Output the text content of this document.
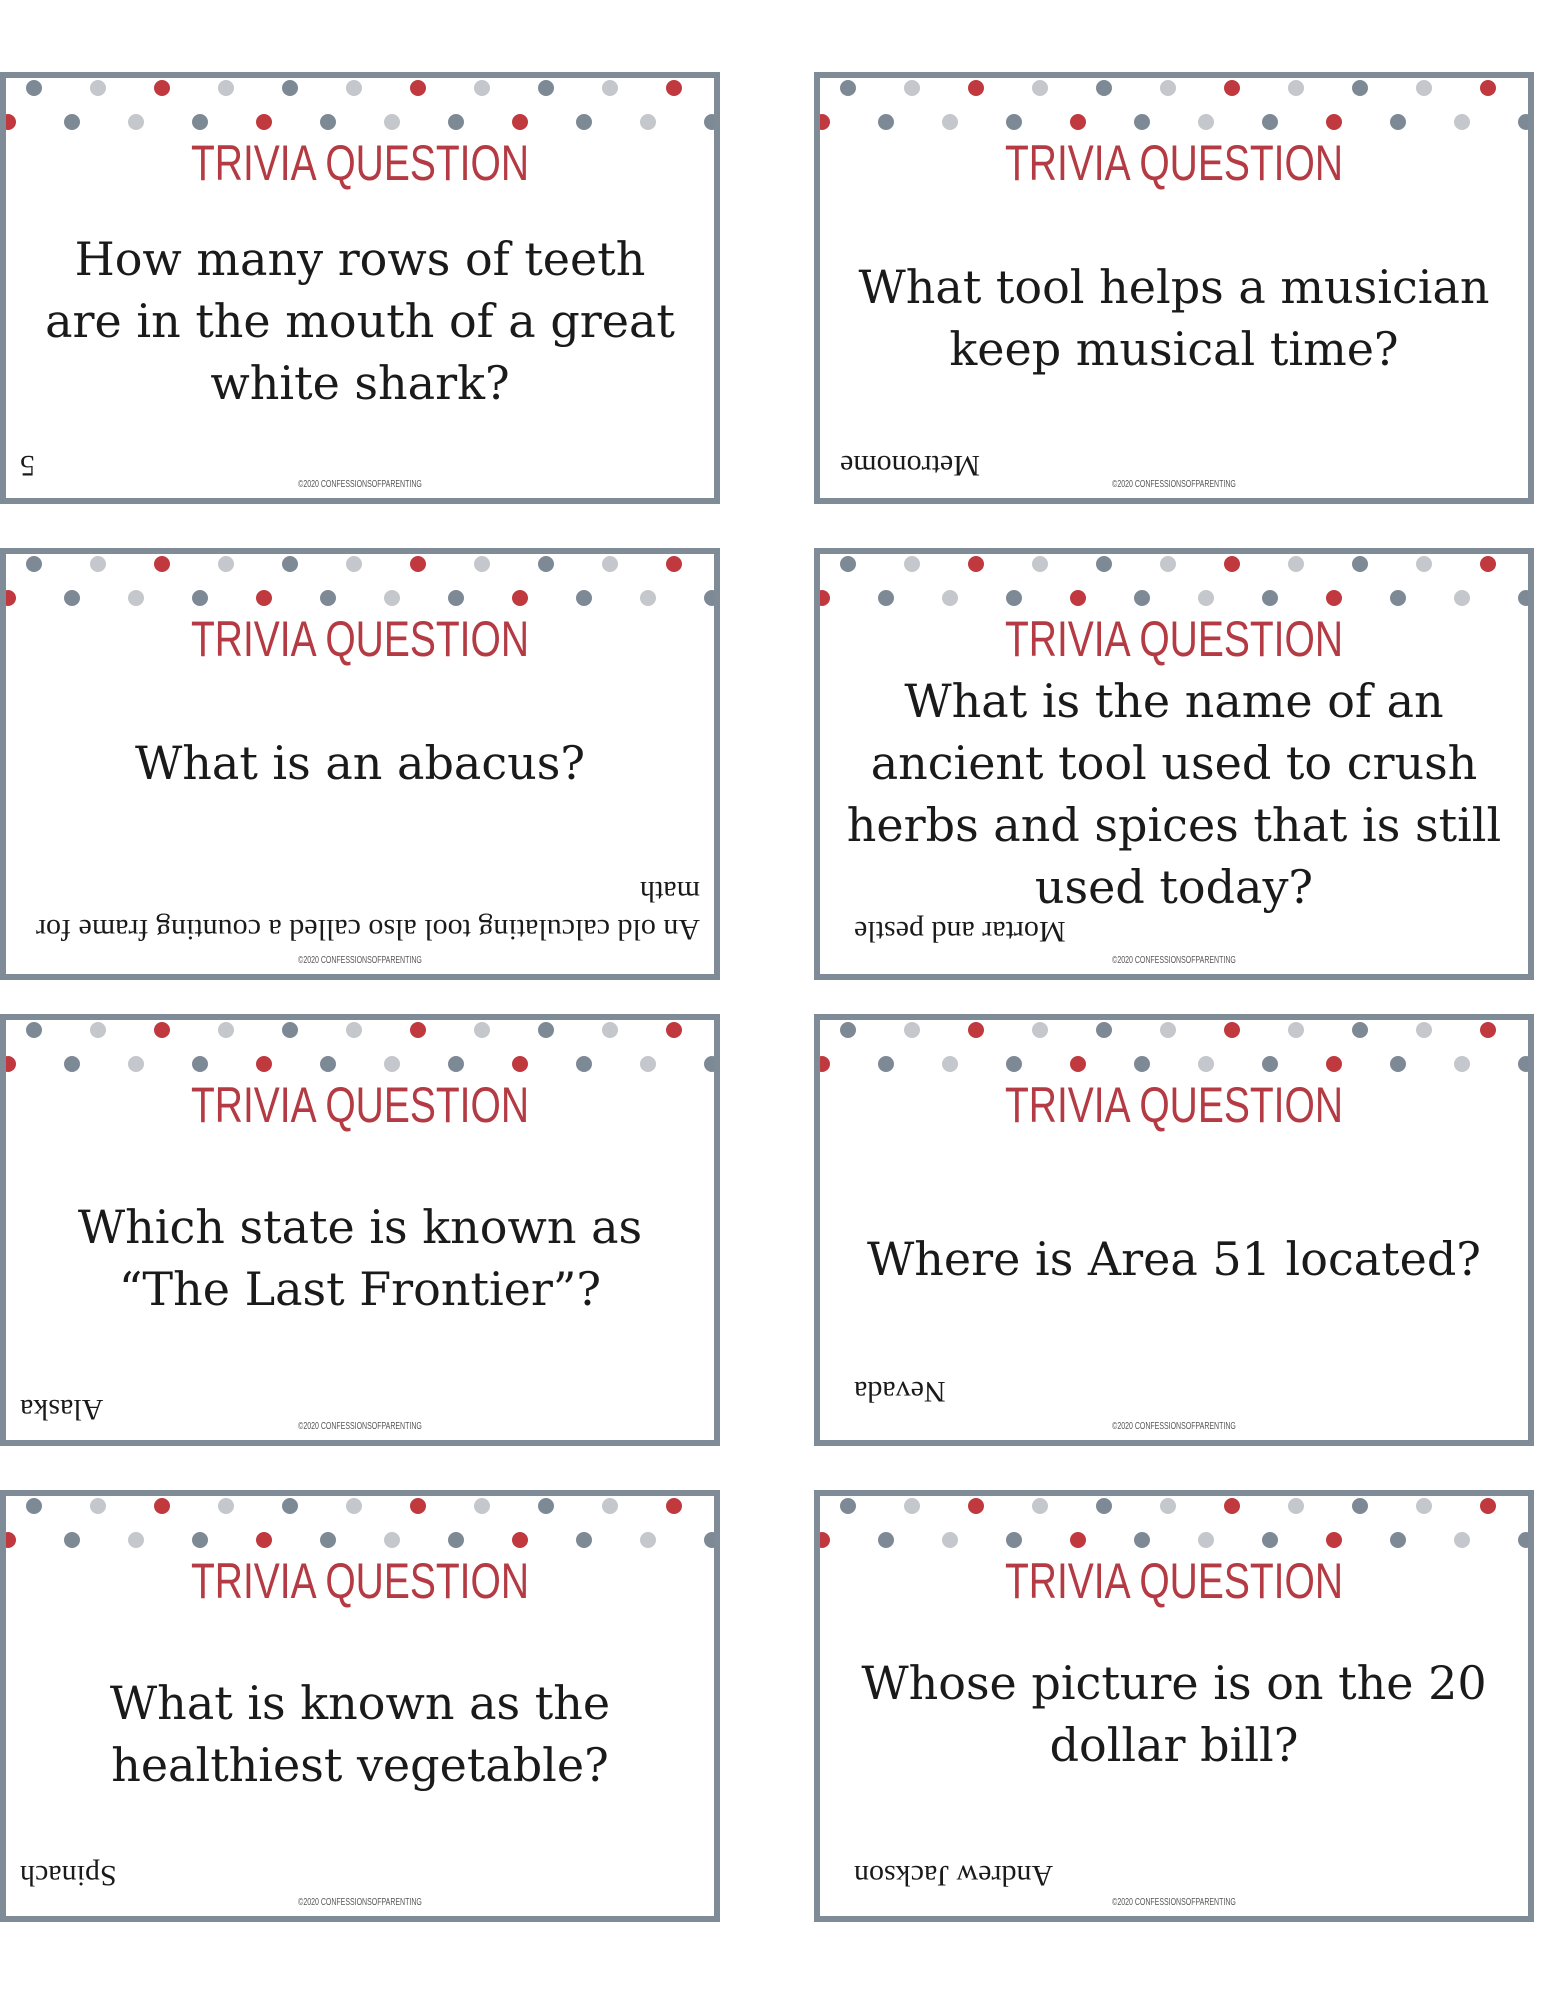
TRIVIA QUESTION
How many rows of teeth are in the mouth of a great white shark?
5
©2020 CONFESSIONSOFPARENTING
TRIVIA QUESTION
What tool helps a musician keep musical time?
Metronome
©2020 CONFESSIONSOFPARENTING
TRIVIA QUESTION
What is an abacus?
An old calculating tool also called a counting frame for math
©2020 CONFESSIONSOFPARENTING
TRIVIA QUESTION
What is the name of an ancient tool used to crush herbs and spices that is still used today?
Mortar and pestle
©2020 CONFESSIONSOFPARENTING
TRIVIA QUESTION
Which state is known as “The Last Frontier”?
Alaska
©2020 CONFESSIONSOFPARENTING
TRIVIA QUESTION
Where is Area 51 located?
Nevada
©2020 CONFESSIONSOFPARENTING
TRIVIA QUESTION
What is known as the healthiest vegetable?
Spinach
©2020 CONFESSIONSOFPARENTING
TRIVIA QUESTION
Whose picture is on the 20 dollar bill?
Andrew Jackson
©2020 CONFESSIONSOFPARENTING
